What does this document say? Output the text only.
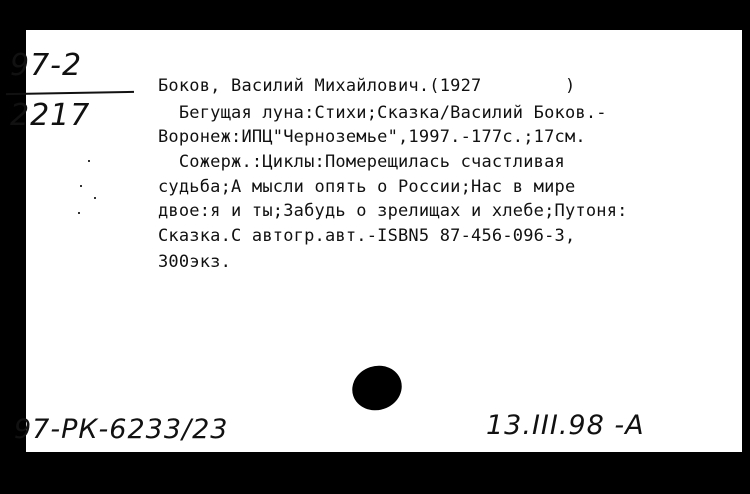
97-2
2217
Боков, Василий Михайлович.(1927        )
Бегущая луна:Стихи;Сказка/Василий Боков.-
Воронеж:ИПЦ"Черноземье",1997.-177с.;17см.
Сожерж.:Циклы:Померещилась счастливая
судьба;А мысли опять о России;Нас в мире
двое:я и ты;Забудь о зрелищах и хлебе;Путоня:
Сказка.С автогр.авт.-ISBN5 87-456-096-3,
300экз.
97-РК-6233/23	13.III.98 -A
